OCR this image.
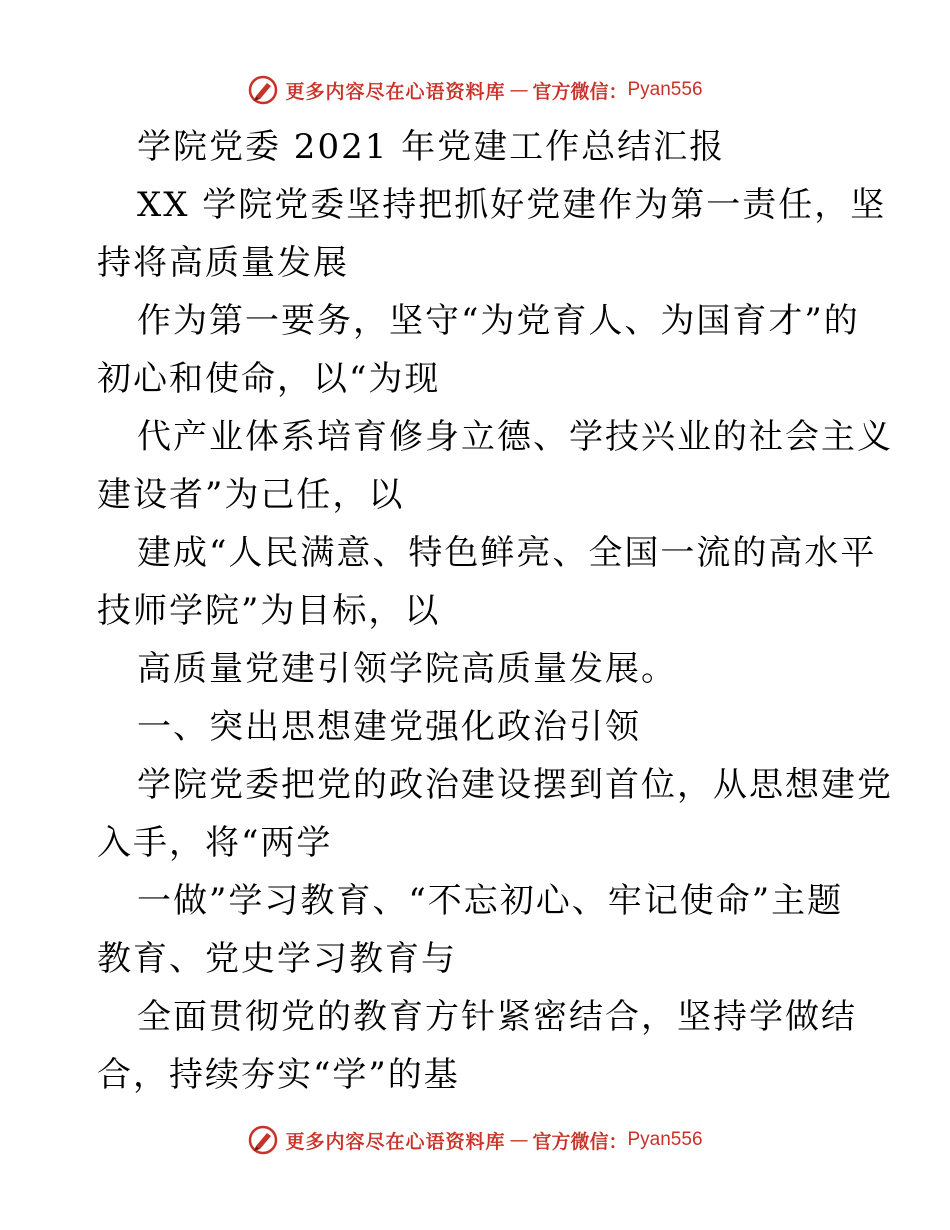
更多内容尽在心语资料库 — 官方微信： Pyan556
学院党委 2021 年党建工作总结汇报
XX 学院党委坚持把抓好党建作为第一责任，坚
持将高质量发展
作为第一要务，坚守“为党育人、为国育才”的
初心和使命，以“为现
代产业体系培育修身立德、学技兴业的社会主义
建设者”为己任，以
建成“人民满意、特色鲜亮、全国一流的高水平
技师学院”为目标，以
高质量党建引领学院高质量发展。
一、突出思想建党强化政治引领
学院党委把党的政治建设摆到首位，从思想建党
入手，将“两学
一做”学习教育、“不忘初心、牢记使命”主题
教育、党史学习教育与
全面贯彻党的教育方针紧密结合，坚持学做结
合，持续夯实“学”的基
更多内容尽在心语资料库 — 官方微信： Pyan556
